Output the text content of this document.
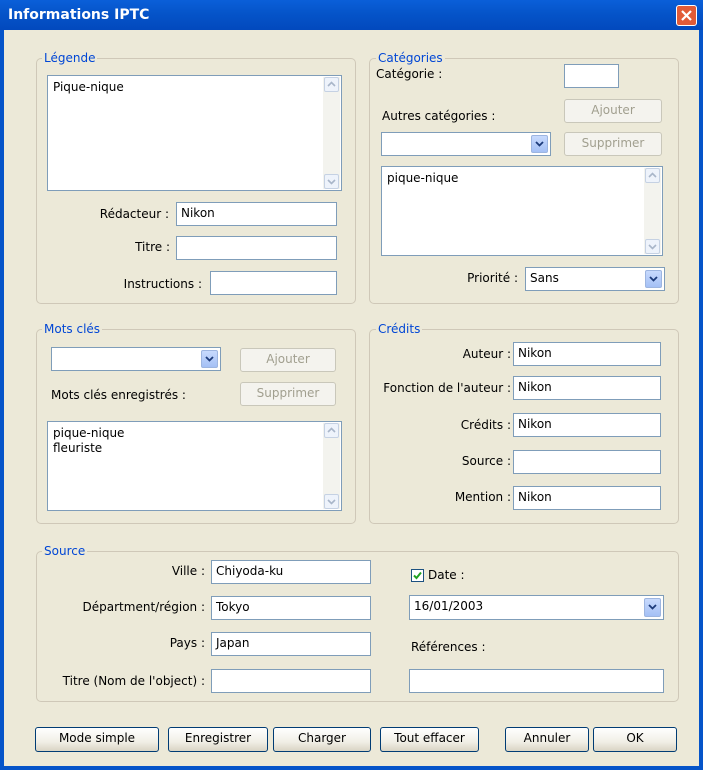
Informations IPTC
Légende
Pique-nique
Rédacteur :	Nikon
Titre :
Instructions :
Catégories
Catégorie :
Autres catégories :	Ajouter
Supprimer
pique-nique
Priorité :	Sans
Mots clés
Ajouter
Mots clés enregistrés :	Supprimer
pique-nique
fleuriste
Crédits
Auteur : Nikon
Fonction de l'auteur : Nikon
Crédits : Nikon
Source :
Mention : Nikon
Source
Ville : Chiyoda-ku
Départment/région : Tokyo
Pays : Japan
Titre (Nom de l'object) :
Date :
16/01/2003
Références :
Mode simple	Enregistrer	Charger	Tout effacer	Annuler	OK
